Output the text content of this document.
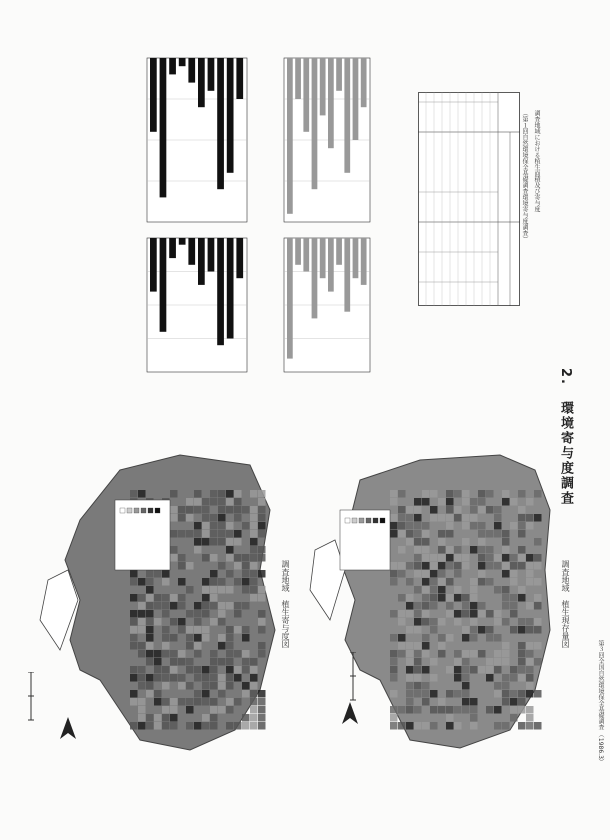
2.　環境寄与度調査
第３回全国自然環境保全基礎調査 （1986.3）
調査地域における植生面積及び寄与度
（第１回自然環境保全基礎調査環境寄与度調査）
調査地域　植生現存量図
調査地域　植生寄与度図
